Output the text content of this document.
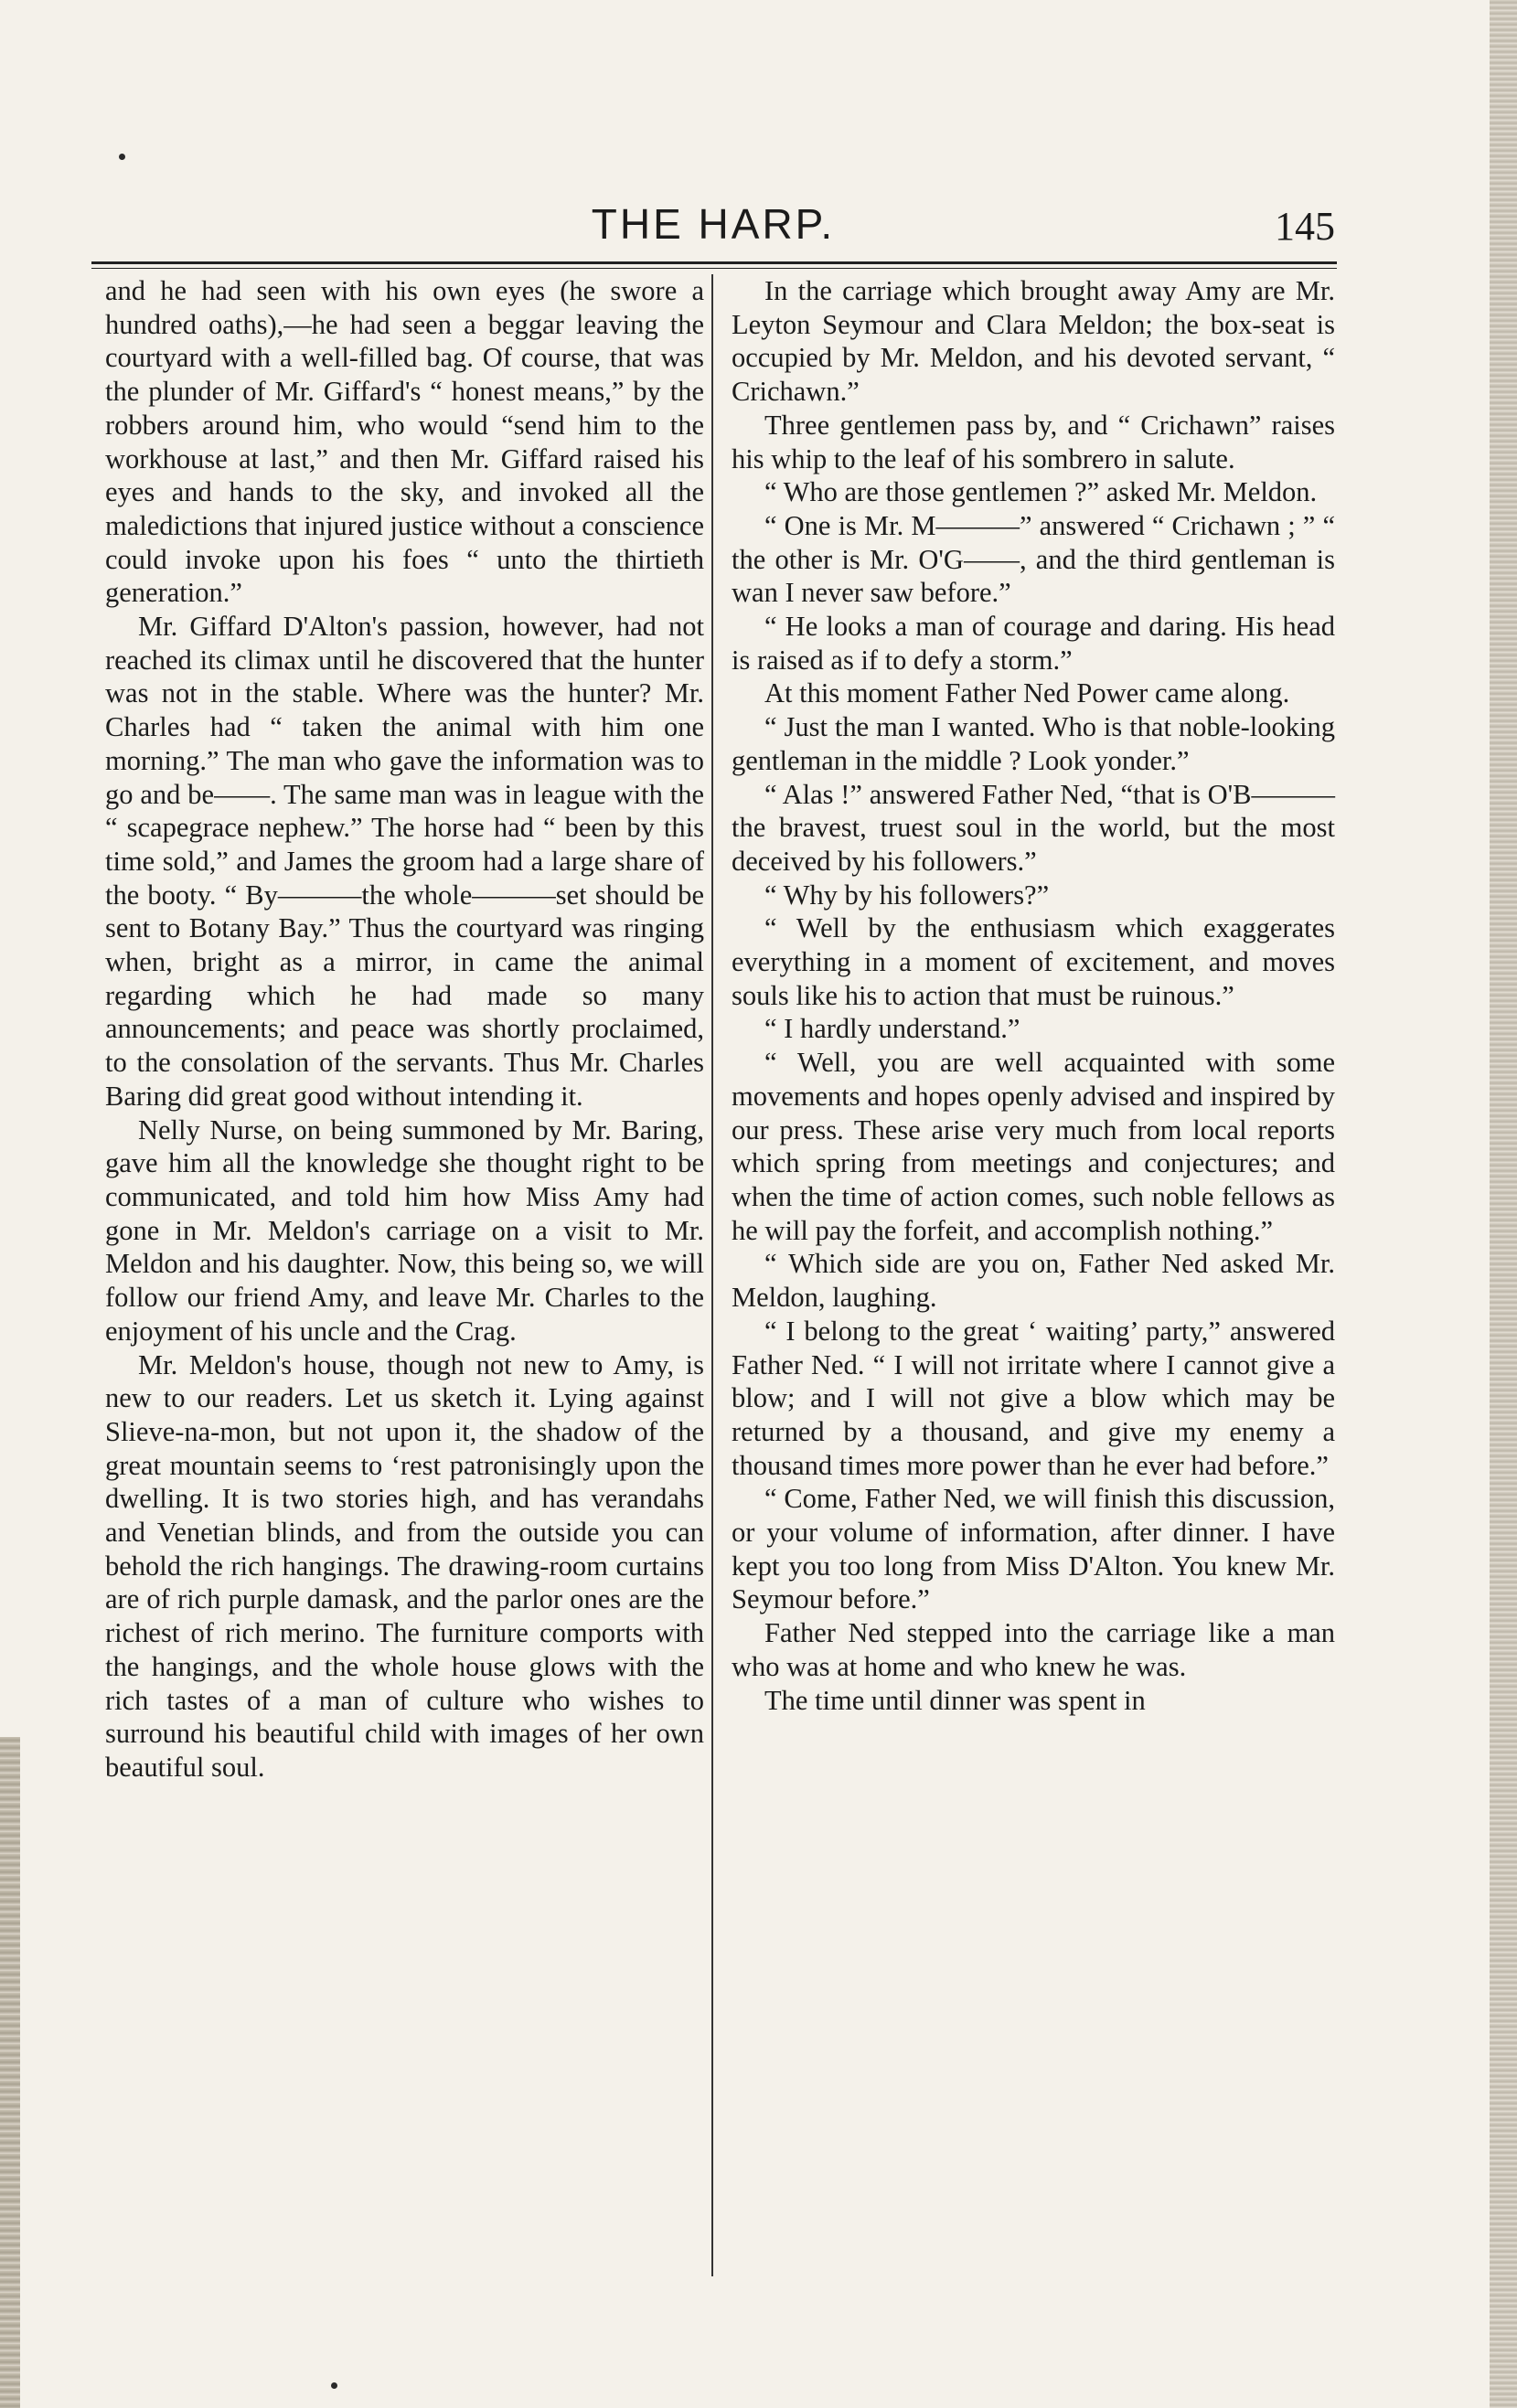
THE HARP.	145

and he had seen with his own eyes (he swore a hundred oaths),—he had seen a beggar leaving the courtyard with a well-filled bag. Of course, that was the plunder of Mr. Giffard's “ honest means,” by the robbers around him, who would “send him to the workhouse at last,” and then Mr. Giffard raised his eyes and hands to the sky, and invoked all the maledictions that injured justice without a conscience could invoke upon his foes “ unto the thirtieth generation.”

Mr. Giffard D'Alton's passion, however, had not reached its climax until he discovered that the hunter was not in the stable. Where was the hunter? Mr. Charles had “ taken the animal with him one morning.” The man who gave the information was to go and be——. The same man was in league with the “ scapegrace nephew.” The horse had “ been by this time sold,” and James the groom had a large share of the booty. “ By———the whole———set should be sent to Botany Bay.” Thus the courtyard was ringing when, bright as a mirror, in came the animal regarding which he had made so many announcements; and peace was shortly proclaimed, to the consolation of the servants. Thus Mr. Charles Baring did great good without intending it.

Nelly Nurse, on being summoned by Mr. Baring, gave him all the knowledge she thought right to be communicated, and told him how Miss Amy had gone in Mr. Meldon's carriage on a visit to Mr. Meldon and his daughter. Now, this being so, we will follow our friend Amy, and leave Mr. Charles to the enjoyment of his uncle and the Crag.

Mr. Meldon's house, though not new to Amy, is new to our readers. Let us sketch it. Lying against Slieve-na-mon, but not upon it, the shadow of the great mountain seems to ‘rest patronisingly upon the dwelling. It is two stories high, and has verandahs and Venetian blinds, and from the outside you can behold the rich hangings. The drawing-room curtains are of rich purple damask, and the parlor ones are the richest of rich merino. The furniture comports with the hangings, and the whole house glows with the rich tastes of a man of culture who wishes to surround his beautiful child with images of her own beautiful soul.

In the carriage which brought away Amy are Mr. Leyton Seymour and Clara Meldon; the box-seat is occupied by Mr. Meldon, and his devoted servant, “ Crichawn.”

Three gentlemen pass by, and “ Crichawn” raises his whip to the leaf of his sombrero in salute.

“ Who are those gentlemen ?” asked Mr. Meldon.

“ One is Mr. M———” answered “ Crichawn ; ” “ the other is Mr. O'G——, and the third gentleman is wan I never saw before.”

“ He looks a man of courage and daring. His head is raised as if to defy a storm.”

At this moment Father Ned Power came along.

“ Just the man I wanted. Who is that noble-looking gentleman in the middle ? Look yonder.”

“ Alas !” answered Father Ned, “that is O'B———the bravest, truest soul in the world, but the most deceived by his followers.”

“ Why by his followers?”

“ Well by the enthusiasm which exaggerates everything in a moment of excitement, and moves souls like his to action that must be ruinous.”

“ I hardly understand.”

“ Well, you are well acquainted with some movements and hopes openly advised and inspired by our press. These arise very much from local reports which spring from meetings and conjectures; and when the time of action comes, such noble fellows as he will pay the forfeit, and accomplish nothing.”

“ Which side are you on, Father Ned asked Mr. Meldon, laughing.

“ I belong to the great ‘ waiting’ party,” answered Father Ned. “ I will not irritate where I cannot give a blow; and I will not give a blow which may be returned by a thousand, and give my enemy a thousand times more power than he ever had before.”

“ Come, Father Ned, we will finish this discussion, or your volume of information, after dinner. I have kept you too long from Miss D'Alton. You knew Mr. Seymour before.”

Father Ned stepped into the carriage like a man who was at home and who knew he was.

The time until dinner was spent in
